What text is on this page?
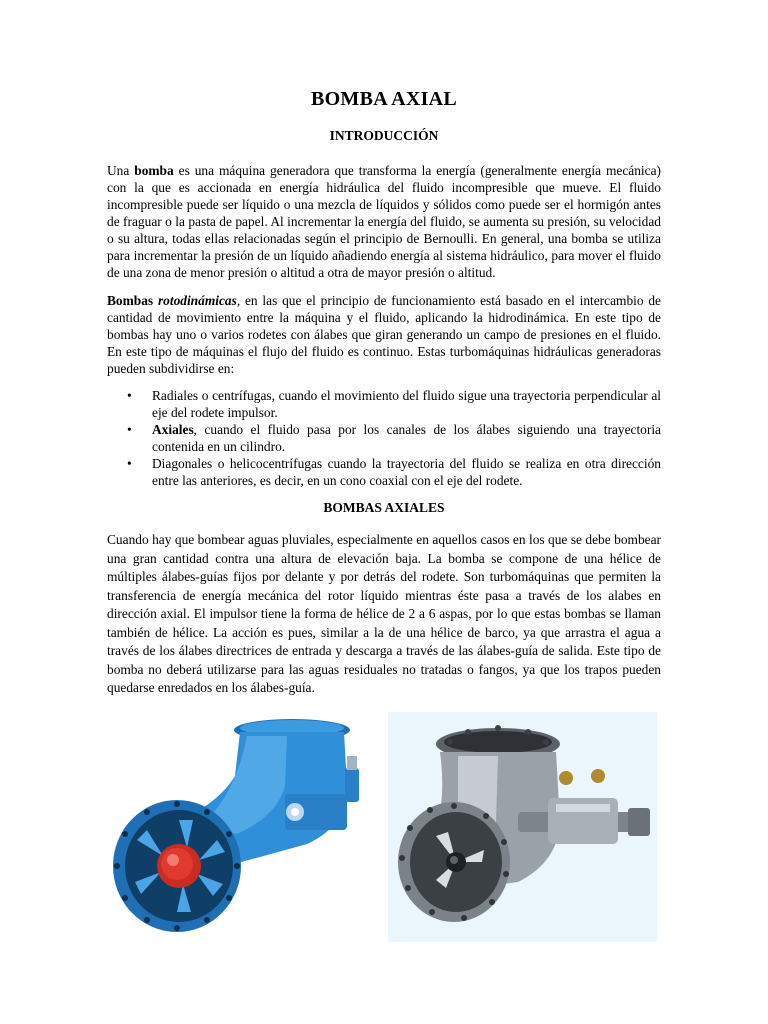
BOMBA AXIAL
INTRODUCCIÓN

Una bomba es una máquina generadora que transforma la energía (generalmente energía mecánica) con la que es accionada en energía hidráulica del fluido incompresible que mueve. El fluido incompresible puede ser líquido o una mezcla de líquidos y sólidos como puede ser el hormigón antes de fraguar o la pasta de papel. Al incrementar la energía del fluido, se aumenta su presión, su velocidad o su altura, todas ellas relacionadas según el principio de Bernoulli. En general, una bomba se utiliza para incrementar la presión de un líquido añadiendo energía al sistema hidráulico, para mover el fluido de una zona de menor presión o altitud a otra de mayor presión o altitud.

Bombas rotodinámicas, en las que el principio de funcionamiento está basado en el intercambio de cantidad de movimiento entre la máquina y el fluido, aplicando la hidrodinámica. En este tipo de bombas hay uno o varios rodetes con álabes que giran generando un campo de presiones en el fluido. En este tipo de máquinas el flujo del fluido es continuo. Estas turbomáquinas hidráulicas generadoras pueden subdividirse en:

• Radiales o centrífugas, cuando el movimiento del fluido sigue una trayectoria perpendicular al eje del rodete impulsor.
• Axiales, cuando el fluido pasa por los canales de los álabes siguiendo una trayectoria contenida en un cilindro.
• Diagonales o helicocentrífugas cuando la trayectoria del fluido se realiza en otra dirección entre las anteriores, es decir, en un cono coaxial con el eje del rodete.
BOMBAS AXIALES

Cuando hay que bombear aguas pluviales, especialmente en aquellos casos en los que se debe bombear una gran cantidad contra una altura de elevación baja. La bomba se compone de una hélice de múltiples álabes-guías fijos por delante y por detrás del rodete. Son turbomáquinas que permiten la transferencia de energía mecánica del rotor líquido mientras éste pasa a través de los alabes en dirección axial. El impulsor tiene la forma de hélice de 2 a 6 aspas, por lo que estas bombas se llaman también de hélice. La acción es pues, similar a la de una hélice de barco, ya que arrastra el agua a través de los álabes directrices de entrada y descarga a través de las álabes-guía de salida. Este tipo de bomba no deberá utilizarse para las aguas residuales no tratadas o fangos, ya que los trapos pueden quedarse enredados en los álabes-guía.
